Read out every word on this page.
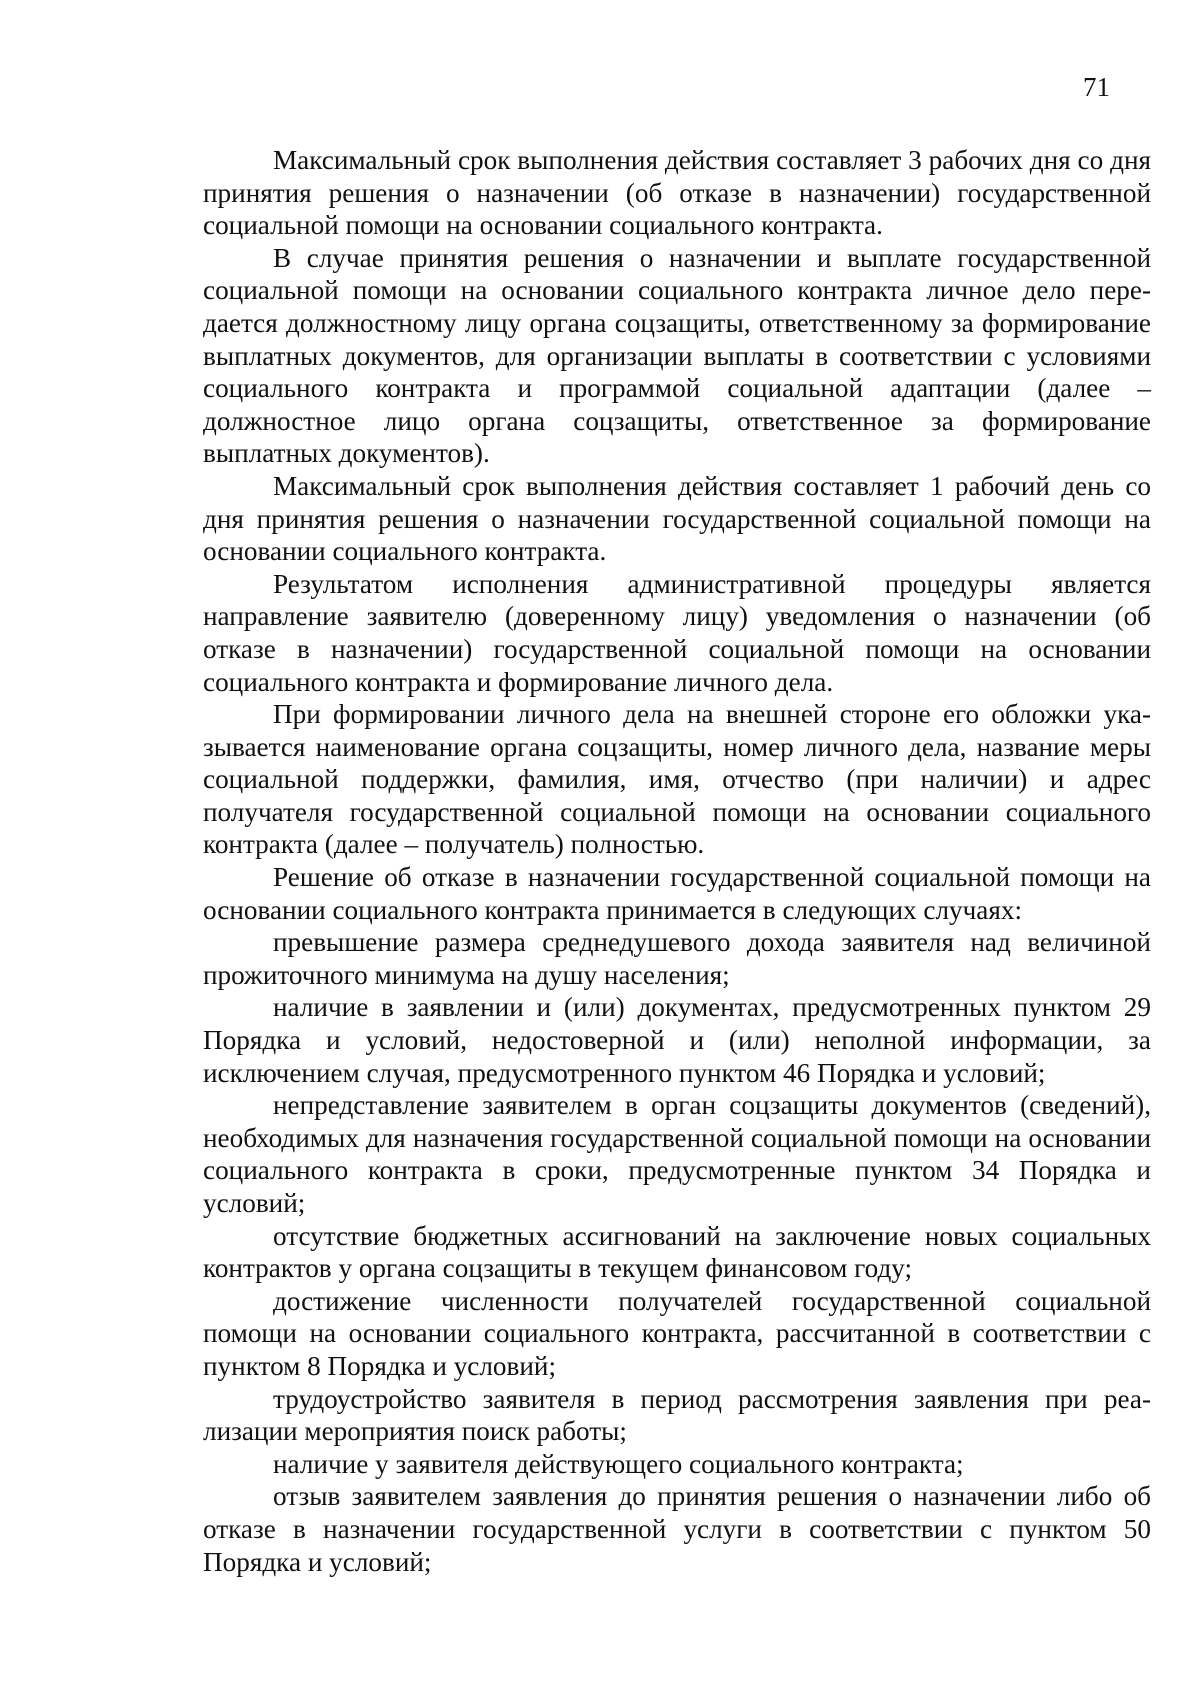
71

Максимальный срок выполнения действия составляет 3 рабочих дня со дня принятия решения о назначении (об отказе в назначении) государственной социальной помощи на основании социального контракта.

В случае принятия решения о назначении и выплате государственной социальной помощи на основании социального контракта личное дело передается должностному лицу органа соцзащиты, ответственному за формирование выплатных документов, для организации выплаты в соответствии с условиями социального контракта и программой социальной адаптации (далее – должностное лицо органа соцзащиты, ответственное за формирование выплатных документов).

Максимальный срок выполнения действия составляет 1 рабочий день со дня принятия решения о назначении государственной социальной помощи на основании социального контракта.

Результатом исполнения административной процедуры является направление заявителю (доверенному лицу) уведомления о назначении (об отказе в назначении) государственной социальной помощи на основании социального контракта и формирование личного дела.

При формировании личного дела на внешней стороне его обложки указывается наименование органа соцзащиты, номер личного дела, название меры социальной поддержки, фамилия, имя, отчество (при наличии) и адрес получателя государственной социальной помощи на основании социального контракта (далее – получатель) полностью.

Решение об отказе в назначении государственной социальной помощи на основании социального контракта принимается в следующих случаях:

превышение размера среднедушевого дохода заявителя над величиной прожиточного минимума на душу населения;

наличие в заявлении и (или) документах, предусмотренных пунктом 29 Порядка и условий, недостоверной и (или) неполной информации, за исключением случая, предусмотренного пунктом 46 Порядка и условий;

непредставление заявителем в орган соцзащиты документов (сведений), необходимых для назначения государственной социальной помощи на основании социального контракта в сроки, предусмотренные пунктом 34 Порядка и условий;

отсутствие бюджетных ассигнований на заключение новых социальных контрактов у органа соцзащиты в текущем финансовом году;

достижение численности получателей государственной социальной помощи на основании социального контракта, рассчитанной в соответствии с пунктом 8 Порядка и условий;

трудоустройство заявителя в период рассмотрения заявления при реализации мероприятия поиск работы;

наличие у заявителя действующего социального контракта;

отзыв заявителем заявления до принятия решения о назначении либо об отказе в назначении государственной услуги в соответствии с пунктом 50 Порядка и условий;
